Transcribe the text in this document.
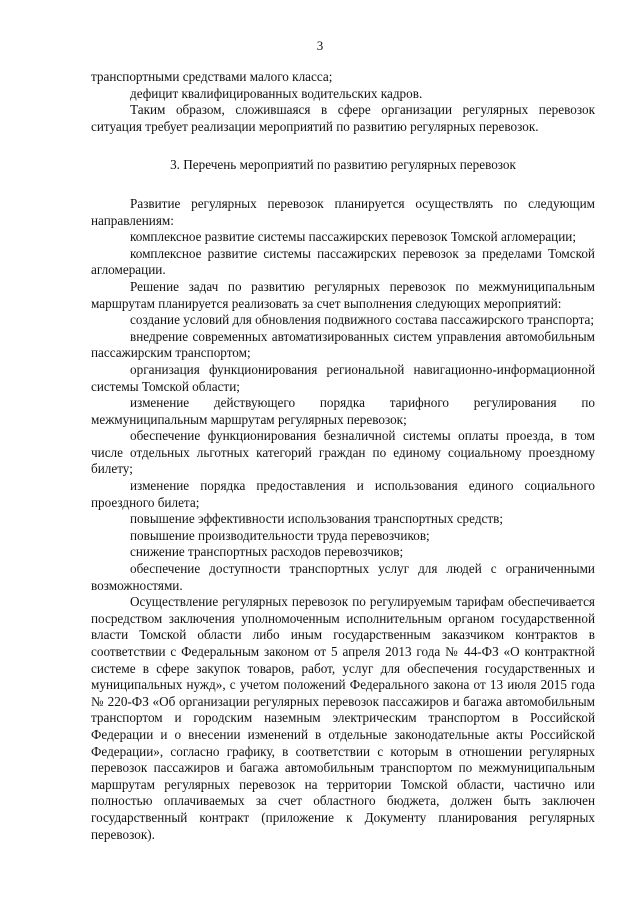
3

транспортными средствами малого класса;

дефицит квалифицированных водительских кадров.

Таким образом, сложившаяся в сфере организации регулярных перевозок ситуация требует реализации мероприятий по развитию регулярных перевозок.

3. Перечень мероприятий по развитию регулярных перевозок

Развитие регулярных перевозок планируется осуществлять по следующим направлениям:

комплексное развитие системы пассажирских перевозок Томской агломерации;

комплексное развитие системы пассажирских перевозок за пределами Томской агломерации.

Решение задач по развитию регулярных перевозок по межмуниципальным маршрутам планируется реализовать за счет выполнения следующих мероприятий:

создание условий для обновления подвижного состава пассажирского транспорта;

внедрение современных автоматизированных систем управления автомобильным пассажирским транспортом;

организация функционирования региональной навигационно-информационной системы Томской области;

изменение действующего порядка тарифного регулирования по межмуниципальным маршрутам регулярных перевозок;

обеспечение функционирования безналичной системы оплаты проезда, в том числе отдельных льготных категорий граждан по единому социальному проездному билету;

изменение порядка предоставления и использования единого социального проездного билета;

повышение эффективности использования транспортных средств;

повышение производительности труда перевозчиков;

снижение транспортных расходов перевозчиков;

обеспечение доступности транспортных услуг для людей с ограниченными возможностями.

Осуществление регулярных перевозок по регулируемым тарифам обеспечивается посредством заключения уполномоченным исполнительным органом государственной власти Томской области либо иным государственным заказчиком контрактов в соответствии с Федеральным законом от 5 апреля 2013 года № 44-ФЗ «О контрактной системе в сфере закупок товаров, работ, услуг для обеспечения государственных и муниципальных нужд», с учетом положений Федерального закона от 13 июля 2015 года № 220-ФЗ «Об организации регулярных перевозок пассажиров и багажа автомобильным транспортом и городским наземным электрическим транспортом в Российской Федерации и о внесении изменений в отдельные законодательные акты Российской Федерации», согласно графику, в соответствии с которым в отношении регулярных перевозок пассажиров и багажа автомобильным транспортом по межмуниципальным маршрутам регулярных перевозок на территории Томской области, частично или полностью оплачиваемых за счет областного бюджета, должен быть заключен государственный контракт (приложение к Документу планирования регулярных перевозок).
